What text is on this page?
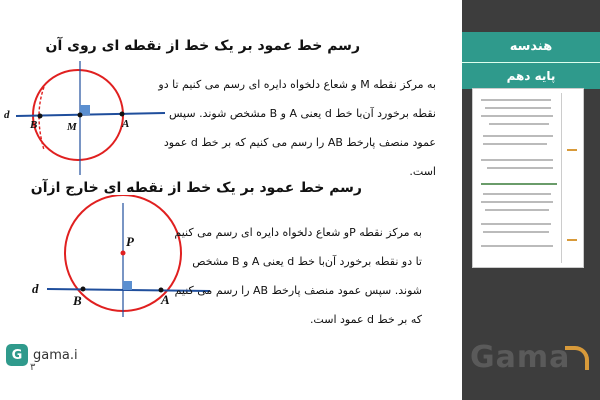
رسم خط عمود بر یک خط از نقطه ای روی آن
d
B	M	A

به مرکز نقطه M و شعاع دلخواه دایره ای رسم می کنیم تا دو

نقطه برخورد آن‌با خط d یعنی A و B مشخص شوند. سپس

عمود منصف پارخط AB را رسم می کنیم که بر خط d عمود

است.

رسم خط عمود بر یک خط از نقطه ای خارج ازآن
d
B
P
A

به مرکز نقطه Pو شعاع دلخواه دایره ای رسم می کنیم

تا دو نقطه برخورد آن‌با خط d یعنی A و B مشخص

شوند. سپس عمود منصف پارخط AB را رسم می کنیم

که بر خط d عمود است.

G gama.i
۳
هندسه
پایه دهم
Gama
